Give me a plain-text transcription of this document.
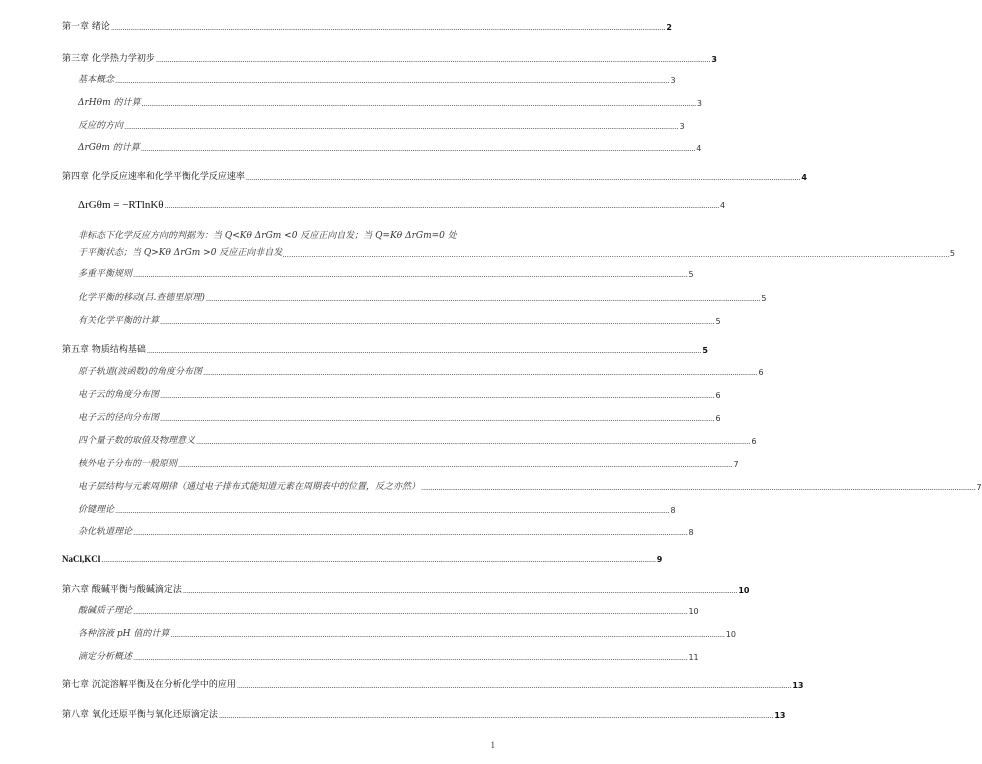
第一章 绪论 .....	2
第三章 化学热力学初步 .....	3
基本概念 .....	3
ΔrHθm 的计算 .....	3
反应的方向 .....	3
ΔrGθm 的计算 .....	4
第四章 化学反应速率和化学平衡化学反应速率 .....	4
ΔrGθm = −RTlnKθ .....	4
非标态下化学反应方向的判据为：当 Q<Kθ ΔrGm <0 反应正向自发；当 Q=Kθ ΔrGm=0 处
于平衡状态；当 Q>Kθ ΔrGm >0 反应正向非自发 ............................................................................................................................................................................................................................................................................................................ 5
多重平衡规则 .....	5
化学平衡的移动(吕.查德里原理) .....	5
有关化学平衡的计算 .....	5
第五章 物质结构基础 .....	5
原子轨道(波函数)的角度分布图 .....	6
电子云的角度分布图 .....	6
电子云的径向分布图 .....	6
四个量子数的取值及物理意义 .....	6
核外电子分布的一般原则 .....	7
电子层结构与元素周期律（通过电子排布式能知道元素在周期表中的位置，反之亦然） .....	7
价键理论 .....	8
杂化轨道理论 .....	8
NaCl,KCl .....	9
第六章 酸碱平衡与酸碱滴定法 .....	10
酸碱质子理论 .....	10
各种溶液 pH 值的计算 .....	10
滴定分析概述 .....	11
第七章 沉淀溶解平衡及在分析化学中的应用 .....	13
第八章 氧化还原平衡与氧化还原滴定法 .....	13
1
